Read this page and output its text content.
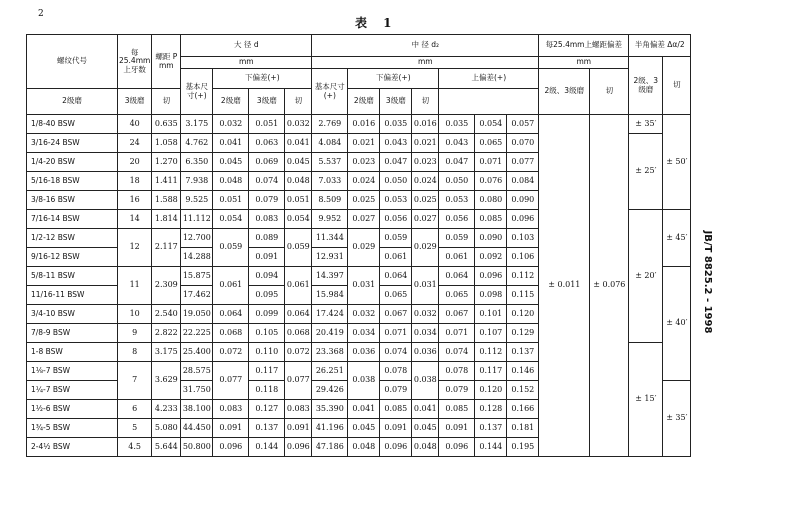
2
表 1
JB/T 8825.2 - 1998
螺纹代号	每25.4mm上牙数	螺距 P mm	大 径 d				中 径 d₂							每25.4mm上螺距偏差		半角偏差 Δα/2	
			mm				mm							mm		2级、3级磨	切
			基本尺寸(+)	下偏差(+)			基本尺寸(+)	下偏差(+)			上偏差(+)			2级、3级磨	切		
2级磨	3级磨	切		2级磨	3级磨	切		2级磨	3级磨	切							
1/8-40 BSW	40	0.635	3.175	0.032	0.051	0.032	2.769	0.016	0.035	0.016	0.035	0.054	0.057	± 0.011	± 0.076	± 35′	± 50′
3/16-24 BSW	24	1.058	4.762	0.041	0.063	0.041	4.084	0.021	0.043	0.021	0.043	0.065	0.070			± 25′	
1/4-20 BSW	20	1.270	6.350	0.045	0.069	0.045	5.537	0.023	0.047	0.023	0.047	0.071	0.077				
5/16-18 BSW	18	1.411	7.938	0.048	0.074	0.048	7.033	0.024	0.050	0.024	0.050	0.076	0.084				
3/8-16 BSW	16	1.588	9.525	0.051	0.079	0.051	8.509	0.025	0.053	0.025	0.053	0.080	0.090				
7/16-14 BSW	14	1.814	11.112	0.054	0.083	0.054	9.952	0.027	0.056	0.027	0.056	0.085	0.096			± 20′	± 45′
1/2-12 BSW	12	2.117	12.700	0.059	0.089	0.059	11.344	0.029	0.059	0.029	0.059	0.090	0.103				
9/16-12 BSW			14.288		0.091		12.931		0.061		0.061	0.092	0.106				
5/8-11 BSW	11	2.309	15.875	0.061	0.094	0.061	14.397	0.031	0.064	0.031	0.064	0.096	0.112				± 40′
11/16-11 BSW			17.462		0.095		15.984		0.065		0.065	0.098	0.115				
3/4-10 BSW	10	2.540	19.050	0.064	0.099	0.064	17.424	0.032	0.067	0.032	0.067	0.101	0.120				
7/8-9 BSW	9	2.822	22.225	0.068	0.105	0.068	20.419	0.034	0.071	0.034	0.071	0.107	0.129				
1-8 BSW	8	3.175	25.400	0.072	0.110	0.072	23.368	0.036	0.074	0.036	0.074	0.112	0.137			± 15′	
1⅛-7 BSW	7	3.629	28.575	0.077	0.117	0.077	26.251	0.038	0.078	0.038	0.078	0.117	0.146				
1¼-7 BSW			31.750		0.118		29.426		0.079		0.079	0.120	0.152				± 35′
1½-6 BSW	6	4.233	38.100	0.083	0.127	0.083	35.390	0.041	0.085	0.041	0.085	0.128	0.166				
1¾-5 BSW	5	5.080	44.450	0.091	0.137	0.091	41.196	0.045	0.091	0.045	0.091	0.137	0.181				
2-4½ BSW	4.5	5.644	50.800	0.096	0.144	0.096	47.186	0.048	0.096	0.048	0.096	0.144	0.195				
